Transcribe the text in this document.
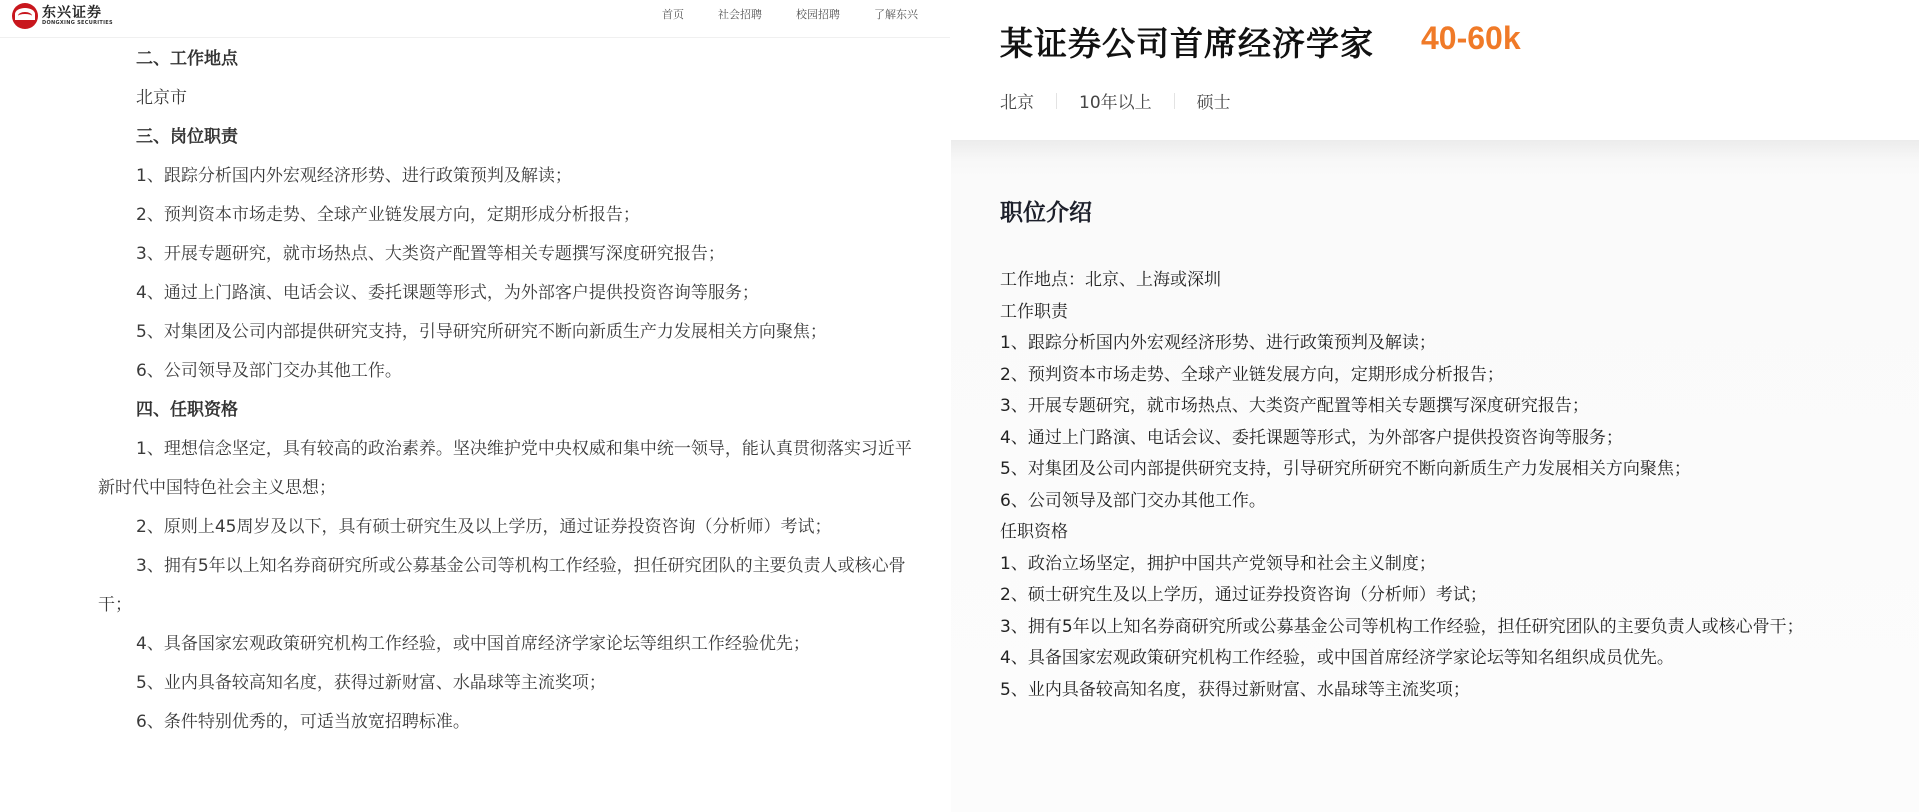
东兴证券
DONGXING SECURITIES
首页	社会招聘	校园招聘	了解东兴
二、工作地点
北京市
三、岗位职责
1、跟踪分析国内外宏观经济形势、进行政策预判及解读；
2、预判资本市场走势、全球产业链发展方向，定期形成分析报告；
3、开展专题研究，就市场热点、大类资产配置等相关专题撰写深度研究报告；
4、通过上门路演、电话会议、委托课题等形式，为外部客户提供投资咨询等服务；
5、对集团及公司内部提供研究支持，引导研究所研究不断向新质生产力发展相关方向聚焦；
6、公司领导及部门交办其他工作。
四、任职资格
1、理想信念坚定，具有较高的政治素养。坚决维护党中央权威和集中统一领导，能认真贯彻落实习近平新时代中国特色社会主义思想；
2、原则上45周岁及以下，具有硕士研究生及以上学历，通过证券投资咨询（分析师）考试；
3、拥有5年以上知名券商研究所或公募基金公司等机构工作经验，担任研究团队的主要负责人或核心骨干；
4、具备国家宏观政策研究机构工作经验，或中国首席经济学家论坛等组织工作经验优先；
5、业内具备较高知名度，获得过新财富、水晶球等主流奖项；
6、条件特别优秀的，可适当放宽招聘标准。
某证券公司首席经济学家 40-60k
北京	10年以上	硕士
职位介绍
工作地点：北京、上海或深圳
工作职责
1、跟踪分析国内外宏观经济形势、进行政策预判及解读；
2、预判资本市场走势、全球产业链发展方向，定期形成分析报告；
3、开展专题研究，就市场热点、大类资产配置等相关专题撰写深度研究报告；
4、通过上门路演、电话会议、委托课题等形式，为外部客户提供投资咨询等服务；
5、对集团及公司内部提供研究支持，引导研究所研究不断向新质生产力发展相关方向聚焦；
6、公司领导及部门交办其他工作。
任职资格
1、政治立场坚定，拥护中国共产党领导和社会主义制度；
2、硕士研究生及以上学历，通过证券投资咨询（分析师）考试；
3、拥有5年以上知名券商研究所或公募基金公司等机构工作经验，担任研究团队的主要负责人或核心骨干；
4、具备国家宏观政策研究机构工作经验，或中国首席经济学家论坛等知名组织成员优先。
5、业内具备较高知名度，获得过新财富、水晶球等主流奖项；
